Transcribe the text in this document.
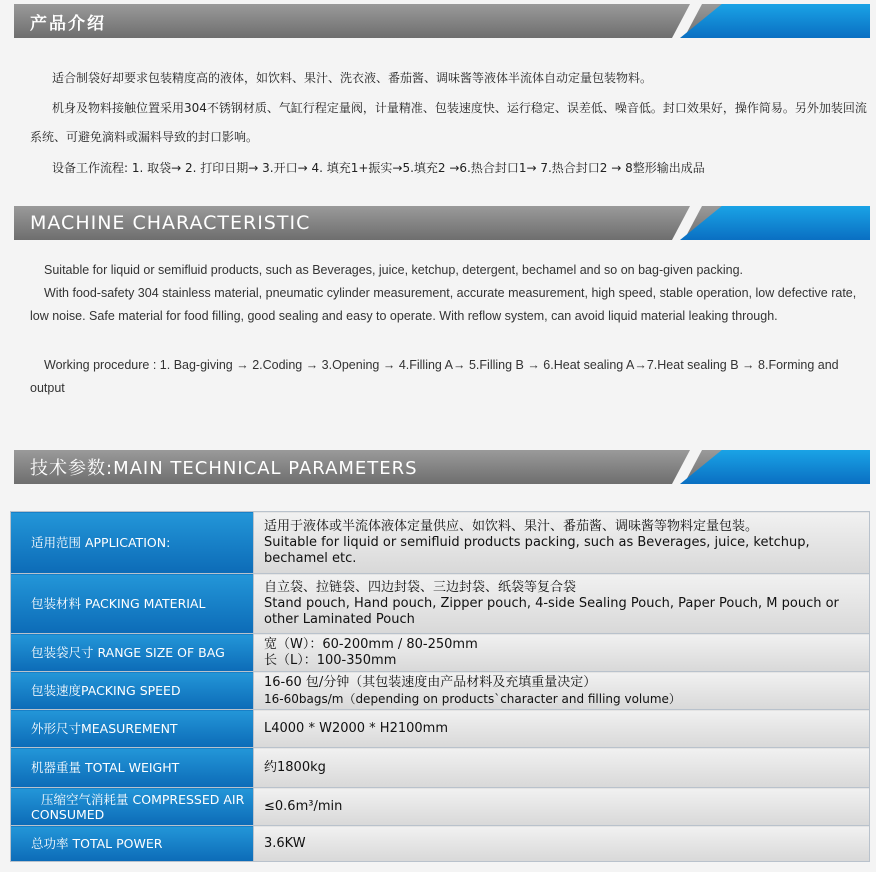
产品介绍
适合制袋好却要求包装精度高的液体，如饮料、果汁、洗衣液、番茄酱、调味酱等液体半流体自动定量包装物料。
机身及物料接触位置采用304不锈钢材质、气缸行程定量阀，计量精准、包装速度快、运行稳定、误差低、噪音低。封口效果好，操作简易。另外加装回流系统、可避免滴料或漏料导致的封口影响。
设备工作流程: 1. 取袋→ 2. 打印日期→ 3.开口→ 4. 填充1+振实→5.填充2 →6.热合封口1→ 7.热合封口2 → 8整形输出成品
MACHINE CHARACTERISTIC
Suitable for liquid or semifluid products, such as Beverages, juice, ketchup, detergent, bechamel and so on bag-given packing.
With food-safety 304 stainless material, pneumatic cylinder measurement, accurate measurement, high speed, stable operation, low defective rate, low noise. Safe material for food filling, good sealing and easy to operate. With reflow system, can avoid liquid material leaking through.
Working procedure : 1. Bag-giving → 2.Coding → 3.Opening → 4.Filling A→ 5.Filling B → 6.Heat sealing A→7.Heat sealing B → 8.Forming and output
技术参数:MAIN TECHNICAL PARAMETERS
适用范围 APPLICATION:	适用于液体或半流体液体定量供应、如饮料、果汁、番茄酱、调味酱等物料定量包装。
Suitable for liquid or semifluid products packing, such as Beverages, juice, ketchup, bechamel etc.

包装材料 PACKING MATERIAL	自立袋、拉链袋、四边封袋、三边封袋、纸袋等复合袋
Stand pouch, Hand pouch, Zipper pouch, 4-side Sealing Pouch, Paper Pouch, M pouch or other Laminated Pouch

包装袋尺寸 RANGE SIZE OF BAG	宽（W）：60-200mm / 80-250mm
长（L）：100-350mm

包装速度PACKING SPEED	16-60 包/分钟（其包装速度由产品材料及充填重量决定）
16-60bags/m（depending on products`character and filling volume）

外形尺寸MEASUREMENT	L4000 * W2000 * H2100mm

机器重量 TOTAL WEIGHT	约1800kg

压缩空气消耗量 COMPRESSED AIR CONSUMED	≤0.6m³/min

总功率 TOTAL POWER	3.6KW
